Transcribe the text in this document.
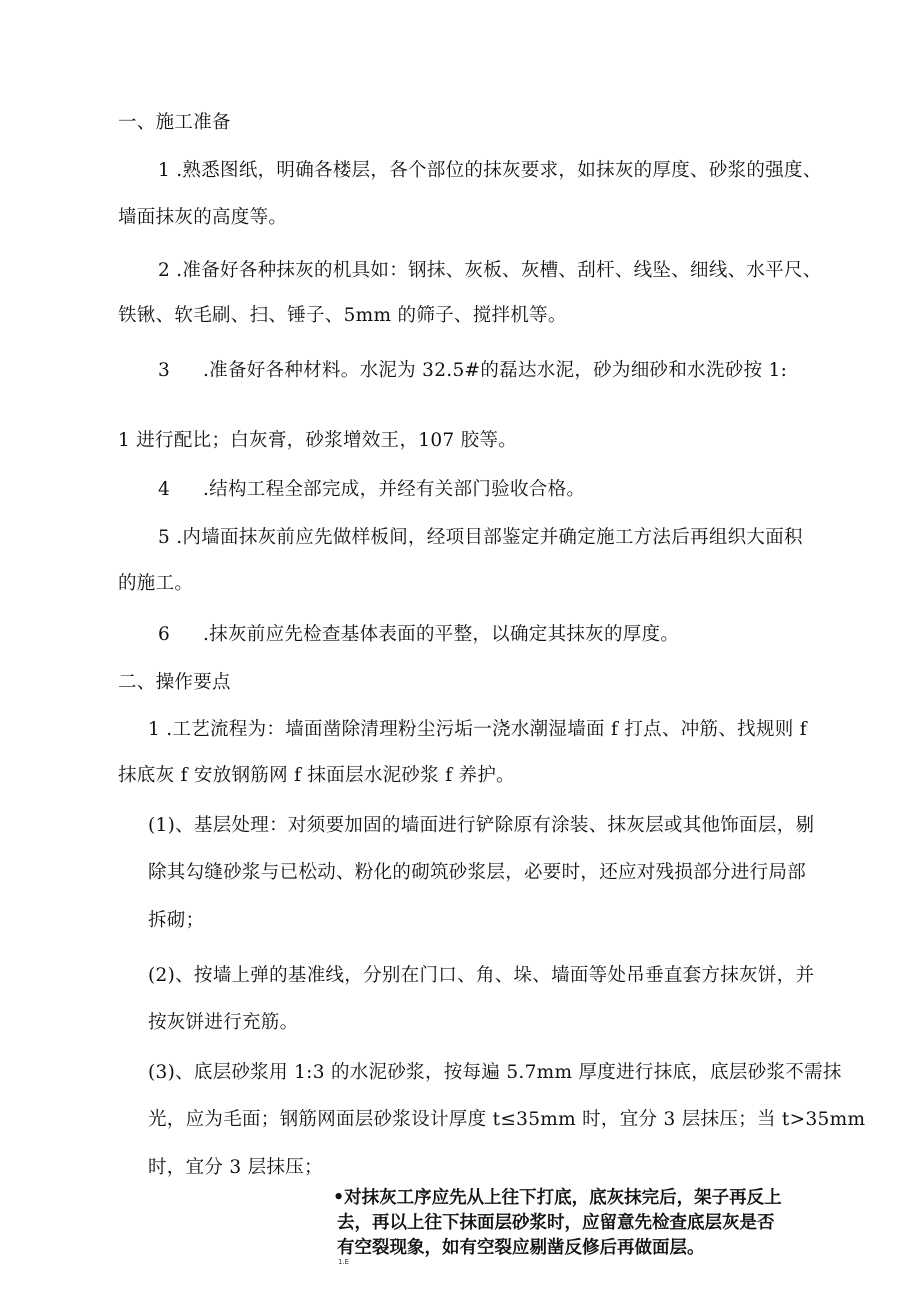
一、施工准备
1 .熟悉图纸，明确各楼层，各个部位的抹灰要求，如抹灰的厚度、砂浆的强度、
墙面抹灰的高度等。
2 .准备好各种抹灰的机具如：钢抹、灰板、灰槽、刮杆、线坠、细线、水平尺、
铁锹、软毛刷、扫、锤子、5mm 的筛子、搅拌机等。
3 .准备好各种材料。水泥为 32.5#的磊达水泥，砂为细砂和水洗砂按 1:
1 进行配比；白灰膏，砂浆增效王，107 胶等。
4 .结构工程全部完成，并经有关部门验收合格。
5 .内墙面抹灰前应先做样板间，经项目部鉴定并确定施工方法后再组织大面积
的施工。
6 .抹灰前应先检查基体表面的平整，以确定其抹灰的厚度。
二、操作要点
1 .工艺流程为：墙面凿除清理粉尘污垢一浇水潮湿墙面 f 打点、冲筋、找规则 f
抹底灰 f 安放钢筋网 f 抹面层水泥砂浆 f 养护。
(1)、基层处理：对须要加固的墙面进行铲除原有涂装、抹灰层或其他饰面层，剔
除其勾缝砂浆与已松动、粉化的砌筑砂浆层，必要时，还应对残损部分进行局部
拆砌；
(2)、按墙上弹的基准线，分别在门口、角、垛、墙面等处吊垂直套方抹灰饼，并
按灰饼进行充筋。
(3)、底层砂浆用 1:3 的水泥砂浆，按每遍 5.7mm 厚度进行抹底，底层砂浆不需抹
光，应为毛面；钢筋网面层砂浆设计厚度 t≤35mm 时，宜分 3 层抹压；当 t>35mm
时，宜分 3 层抹压；
•对抹灰工序应先从上往下打底，底灰抹完后，架子再反上
去，再以上往下抹面层砂浆时，应留意先检查底层灰是否
有空裂现象，如有空裂应剔凿反修后再做面层。
1.E
